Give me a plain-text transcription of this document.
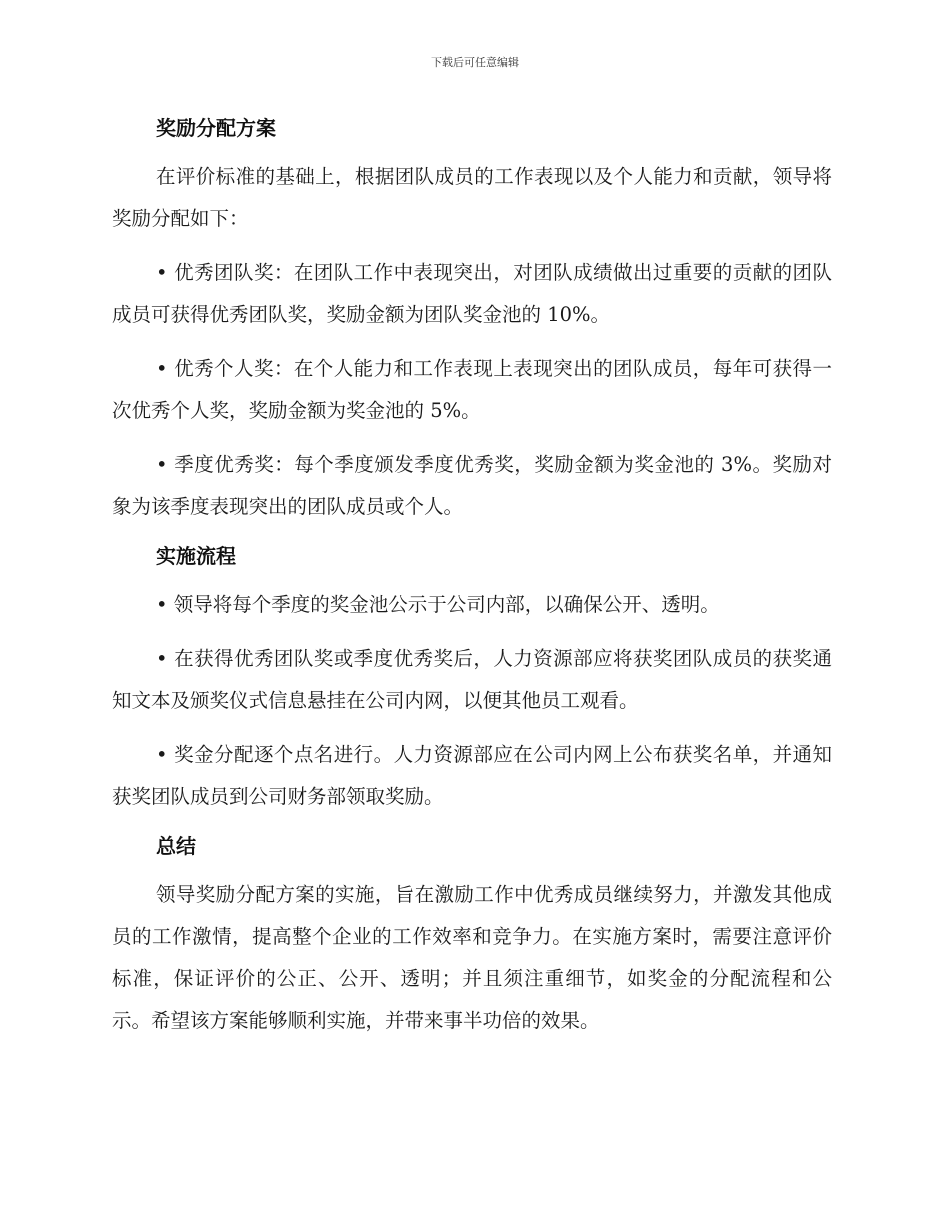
下载后可任意编辑
奖励分配方案

在评价标准的基础上，根据团队成员的工作表现以及个人能力和贡献，领导将奖励分配如下：

• 优秀团队奖：在团队工作中表现突出，对团队成绩做出过重要的贡献的团队成员可获得优秀团队奖，奖励金额为团队奖金池的 10%。

• 优秀个人奖：在个人能力和工作表现上表现突出的团队成员，每年可获得一次优秀个人奖，奖励金额为奖金池的 5%。

• 季度优秀奖：每个季度颁发季度优秀奖，奖励金额为奖金池的 3%。奖励对象为该季度表现突出的团队成员或个人。

实施流程

• 领导将每个季度的奖金池公示于公司内部，以确保公开、透明。

• 在获得优秀团队奖或季度优秀奖后，人力资源部应将获奖团队成员的获奖通知文本及颁奖仪式信息悬挂在公司内网，以便其他员工观看。

• 奖金分配逐个点名进行。人力资源部应在公司内网上公布获奖名单，并通知获奖团队成员到公司财务部领取奖励。

总结

领导奖励分配方案的实施，旨在激励工作中优秀成员继续努力，并激发其他成员的工作激情，提高整个企业的工作效率和竞争力。在实施方案时，需要注意评价标准，保证评价的公正、公开、透明；并且须注重细节，如奖金的分配流程和公示。希望该方案能够顺利实施，并带来事半功倍的效果。
